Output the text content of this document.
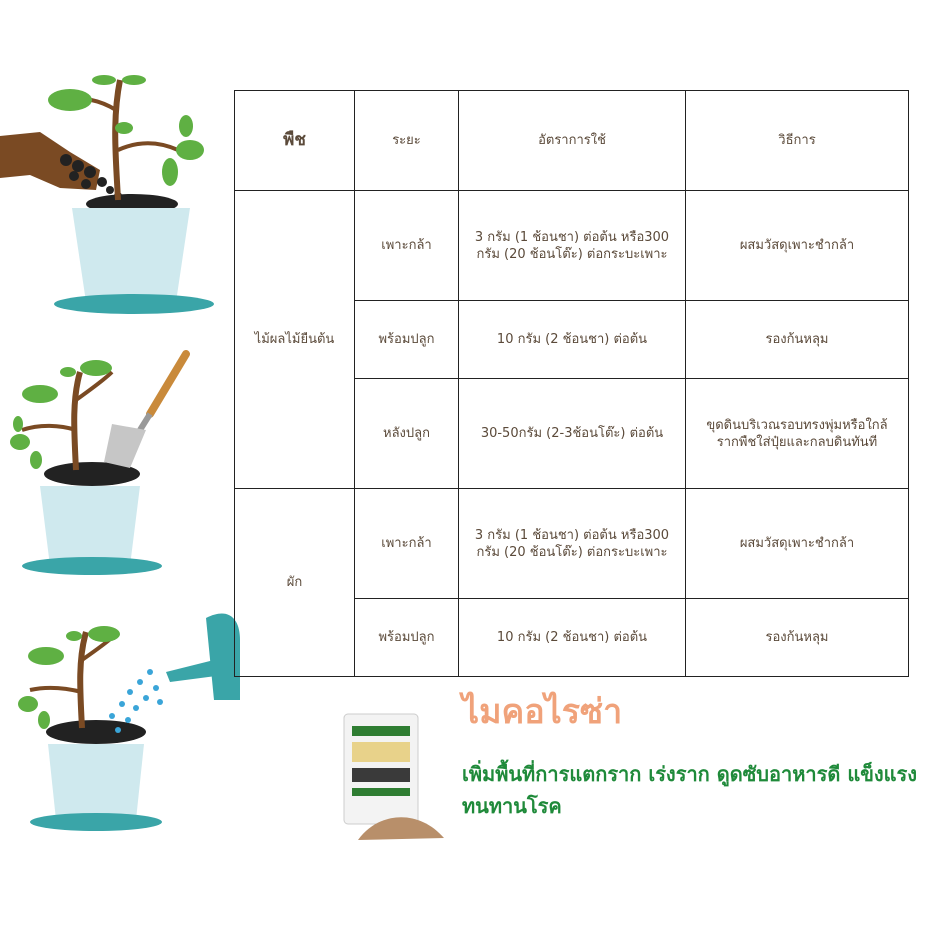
พืช	ระยะ	อัตราการใช้	วิธีการ
ไม้ผลไม้ยืนต้น	เพาะกล้า	3 กรัม (1 ช้อนชา) ต่อต้น หรือ300 กรัม (20 ช้อนโต๊ะ) ต่อกระบะเพาะ	ผสมวัสดุเพาะชำกล้า
	พร้อมปลูก	10 กรัม (2 ช้อนชา) ต่อต้น	รองก้นหลุม
	หลังปลูก	30-50กรัม (2-3ช้อนโต๊ะ) ต่อต้น	ขุดดินบริเวณรอบทรงพุ่มหรือใกล้รากพืชใส่ปุ๋ยและกลบดินทันที
ผัก	เพาะกล้า	3 กรัม (1 ช้อนชา) ต่อต้น หรือ300 กรัม (20 ช้อนโต๊ะ) ต่อกระบะเพาะ	ผสมวัสดุเพาะชำกล้า
	พร้อมปลูก	10 กรัม (2 ช้อนชา) ต่อต้น	รองก้นหลุม
ไมคอไรซ่า

เพิ่มพื้นที่การแตกราก เร่งราก ดูดซับอาหารดี แข็งแรง ทนทานโรค
